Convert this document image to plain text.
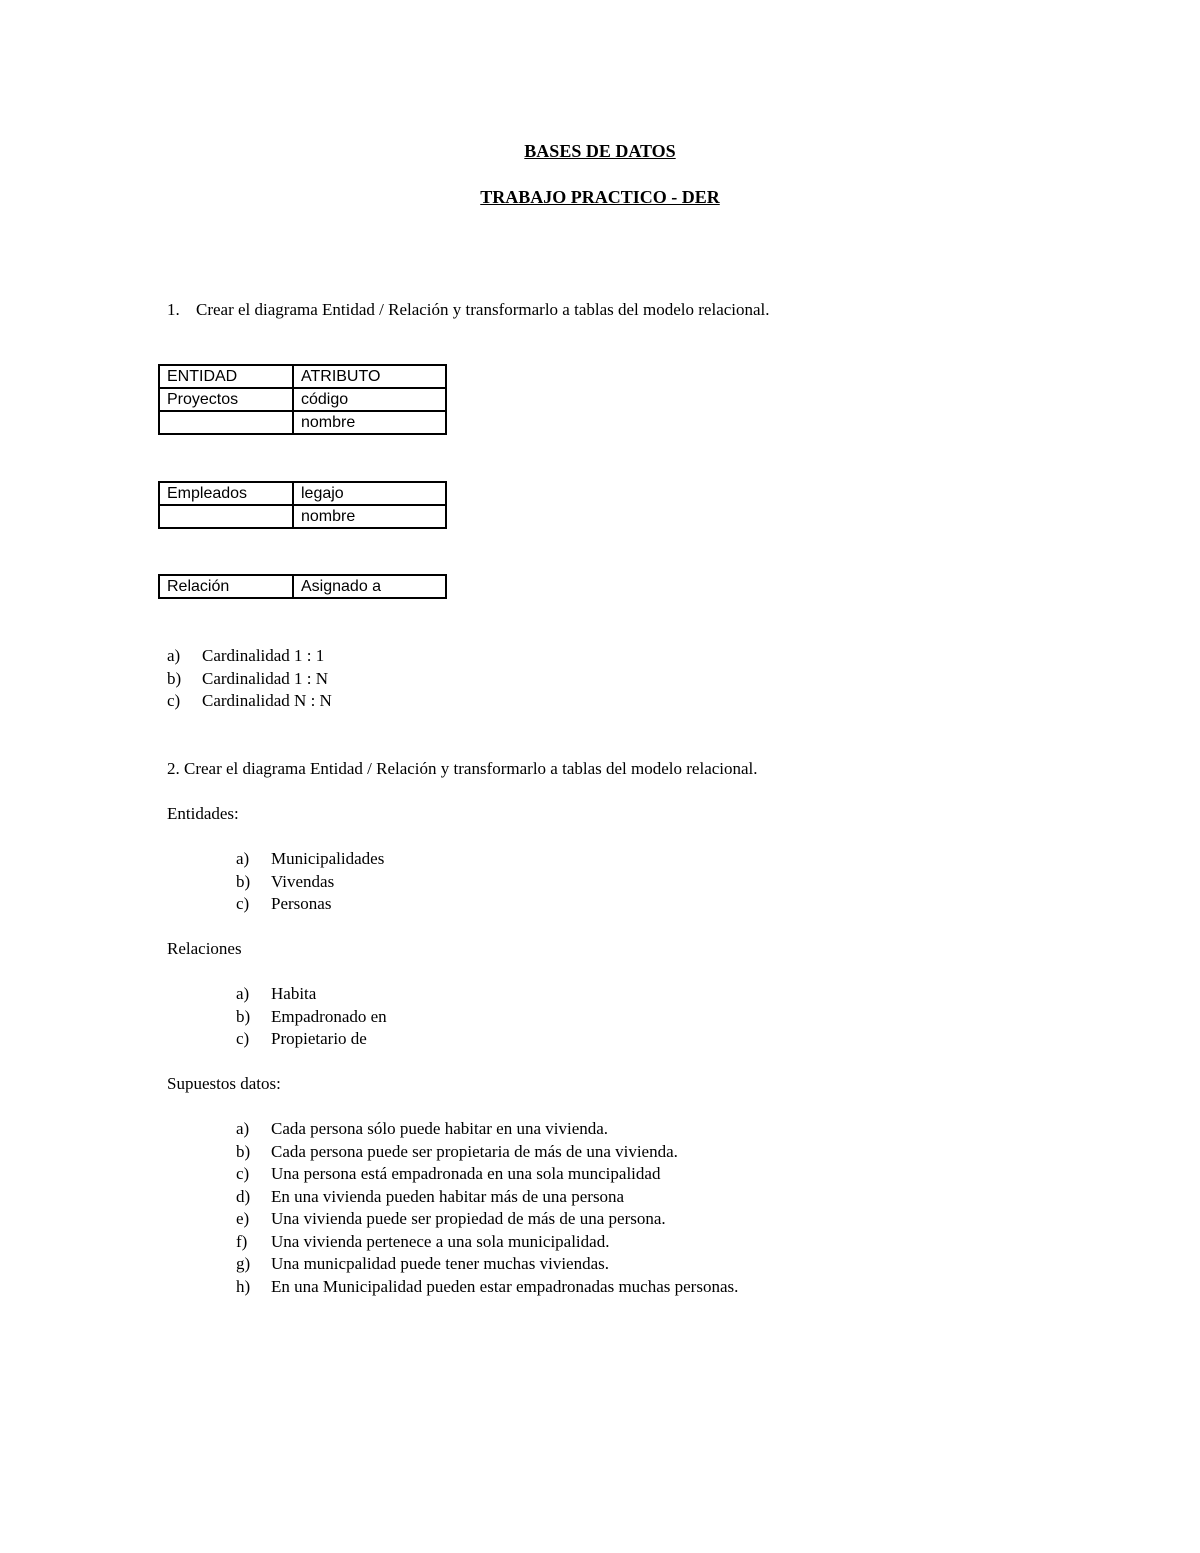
BASES DE DATOS
TRABAJO PRACTICO - DER
1. Crear el diagrama Entidad / Relación y transformarlo a tablas del modelo relacional.
ENTIDAD	ATRIBUTO
Proyectos	código
	nombre
Empleados	legajo
	nombre
Relación	Asignado a
a) Cardinalidad 1 : 1
b) Cardinalidad 1 : N
c) Cardinalidad N : N
2. Crear el diagrama Entidad / Relación y transformarlo a tablas del modelo relacional.
Entidades:
a) Municipalidades
b) Vivendas
c) Personas
Relaciones
a) Habita
b) Empadronado en
c) Propietario de
Supuestos datos:
a) Cada persona sólo puede habitar en una vivienda.
b) Cada persona puede ser propietaria de más de una vivienda.
c) Una persona está empadronada en una sola muncipalidad
d) En una vivienda pueden habitar más de una persona
e) Una vivienda puede ser propiedad de más de una persona.
f) Una vivienda pertenece a una sola municipalidad.
g) Una municpalidad puede tener muchas viviendas.
h) En una Municipalidad pueden estar empadronadas muchas personas.
